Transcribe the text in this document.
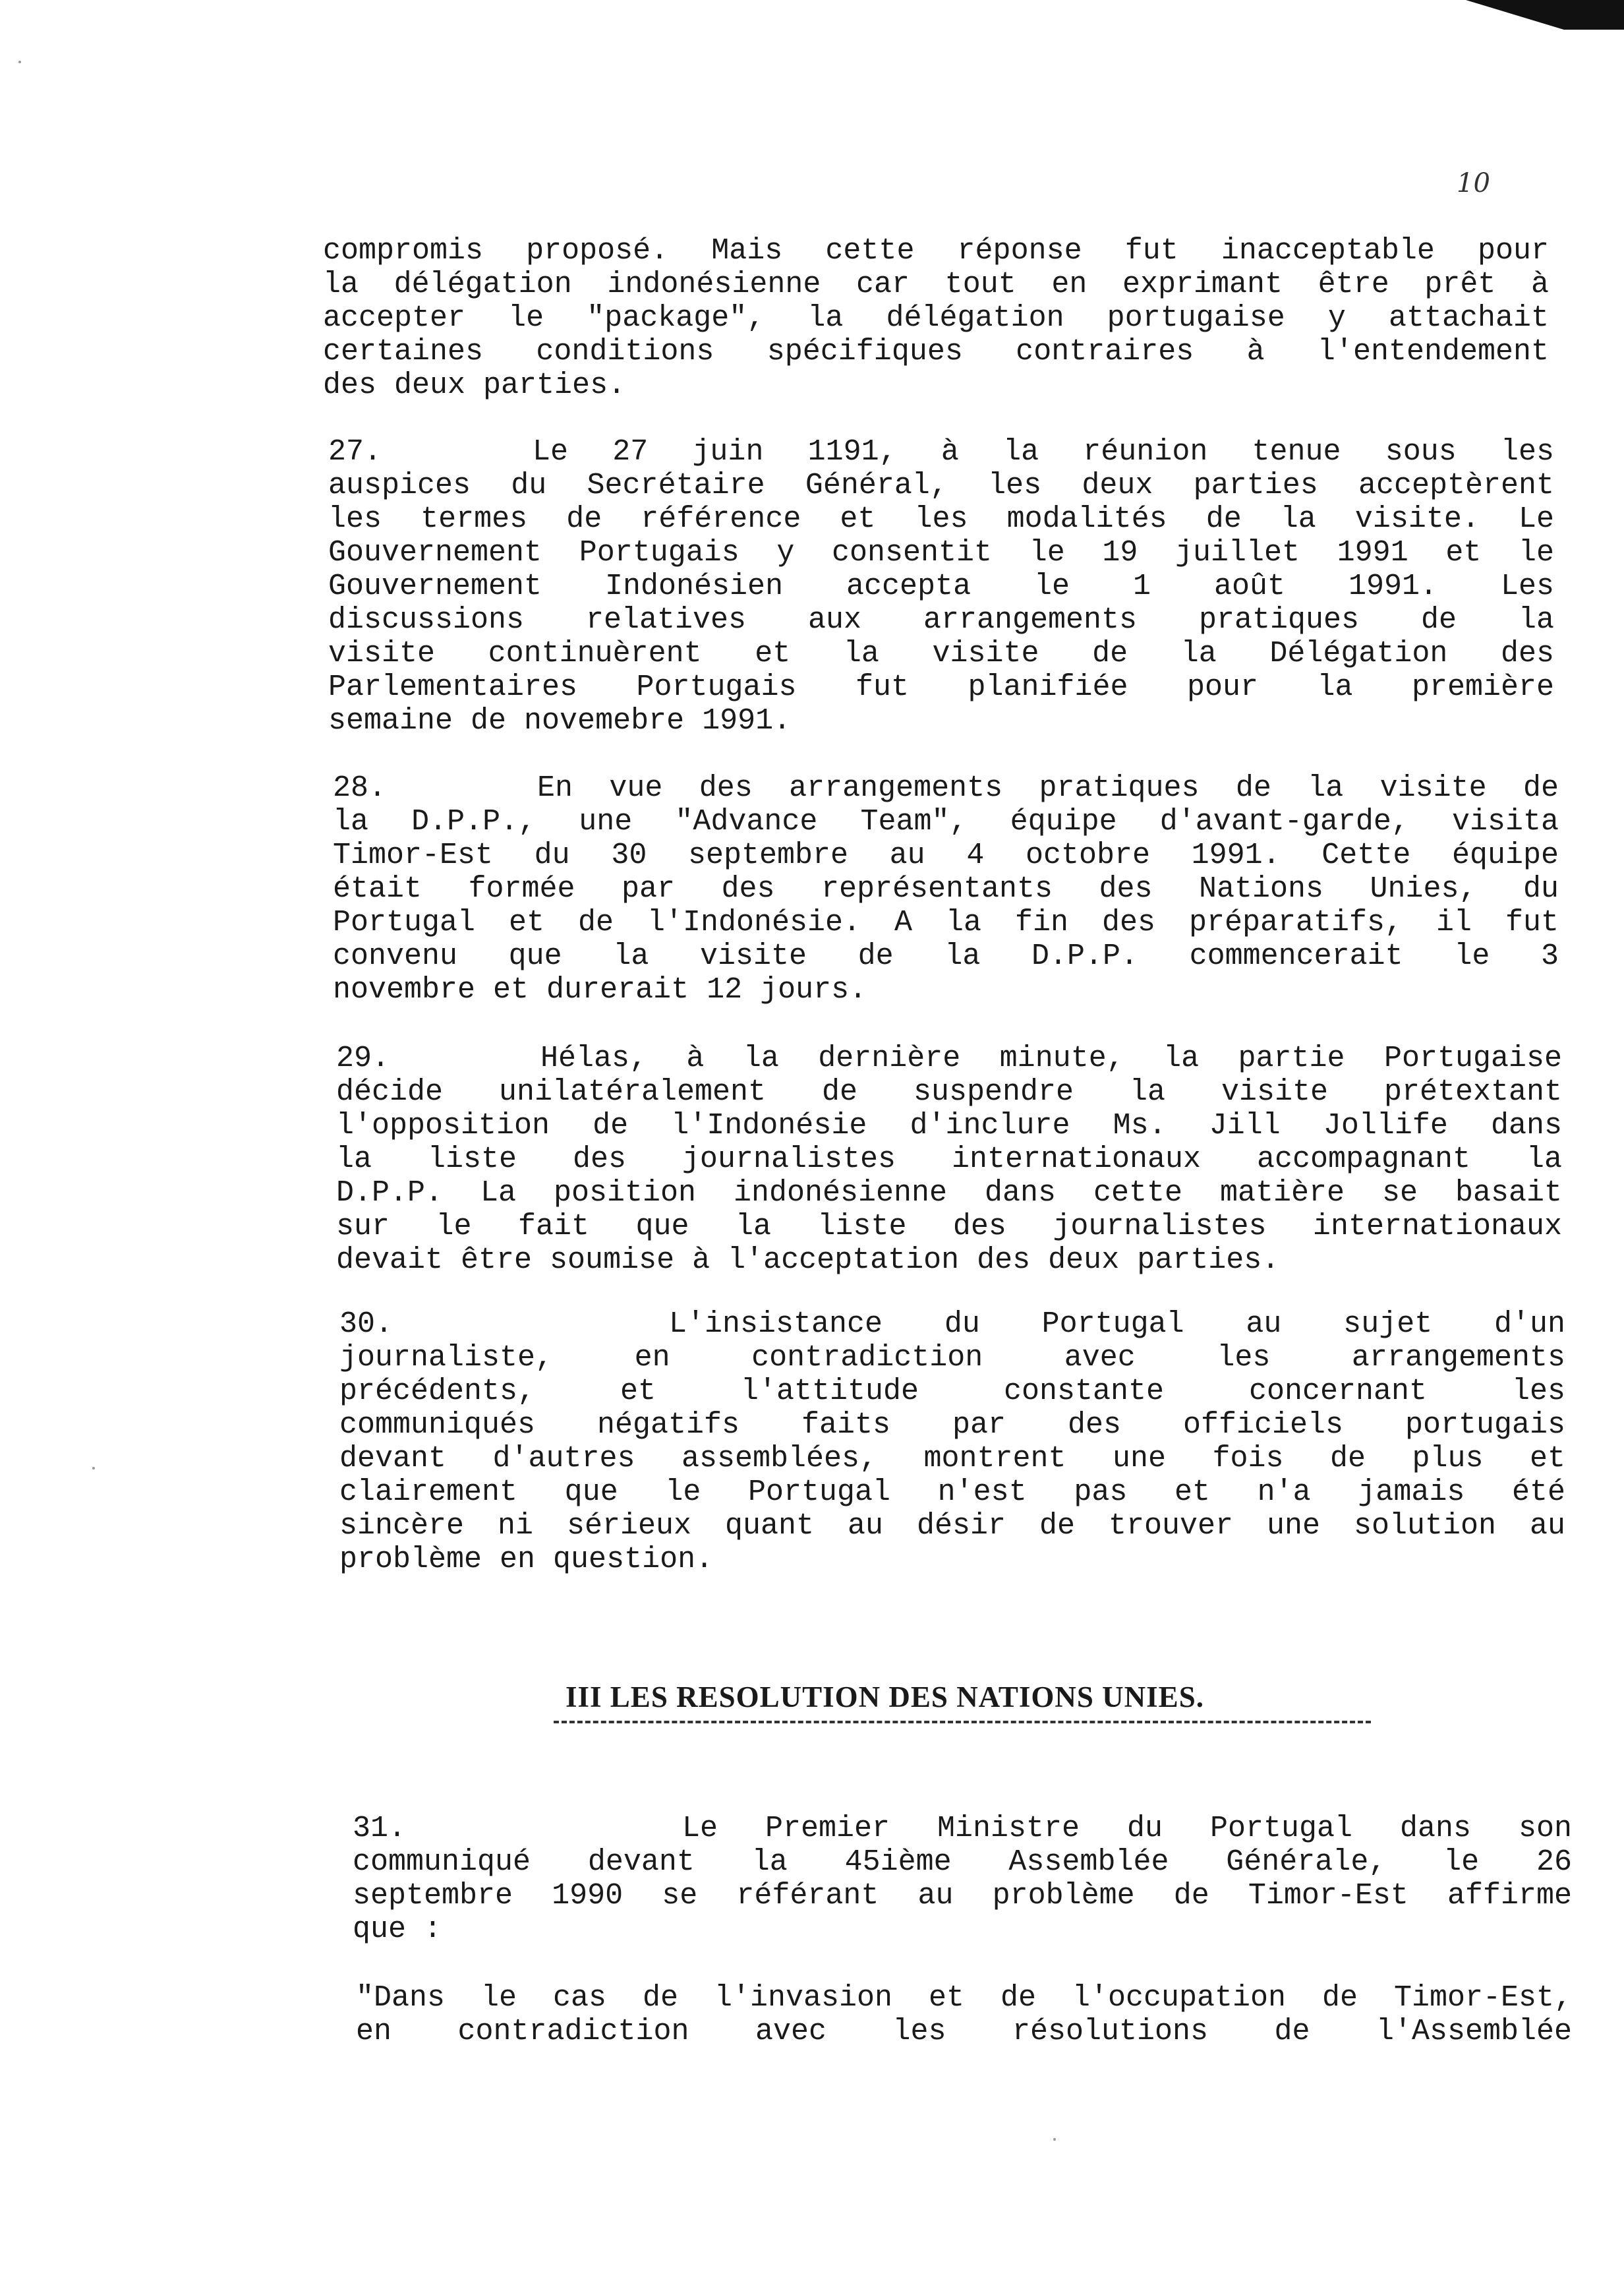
10
compromis proposé. Mais cette réponse fut inacceptable pour
la délégation indonésienne car tout en exprimant être prêt à
accepter le "package", la délégation portugaise y attachait
certaines conditions spécifiques contraires à l'entendement
des deux parties.
27.	Le 27 juin 1191, à la réunion tenue sous les
auspices du Secrétaire Général, les deux parties acceptèrent
les termes de référence et les modalités de la visite. Le
Gouvernement Portugais y consentit le 19 juillet 1991 et le
Gouvernement Indonésien accepta le 1 août 1991. Les
discussions relatives aux arrangements pratiques de la
visite continuèrent et la visite de la Délégation des
Parlementaires Portugais fut planifiée pour la première
semaine de novemebre 1991.
28.	En vue des arrangements pratiques de la visite de
la D.P.P., une "Advance Team", équipe d'avant-garde, visita
Timor-Est du 30 septembre au 4 octobre 1991. Cette équipe
était formée par des représentants des Nations Unies, du
Portugal et de l'Indonésie. A la fin des préparatifs, il fut
convenu que la visite de la D.P.P. commencerait le 3
novembre et durerait 12 jours.
29.	Hélas, à la dernière minute, la partie Portugaise
décide unilatéralement de suspendre la visite prétextant
l'opposition de l'Indonésie d'inclure Ms. Jill Jollife dans
la liste des journalistes internationaux accompagnant la
D.P.P. La position indonésienne dans cette matière se basait
sur le fait que la liste des journalistes internationaux
devait être soumise à l'acceptation des deux parties.
30.	L'insistance du Portugal au sujet d'un
journaliste, en contradiction avec les arrangements
précédents, et l'attitude constante concernant les
communiqués négatifs faits par des officiels portugais
devant d'autres assemblées, montrent une fois de plus et
clairement que le Portugal n'est pas et n'a jamais été
sincère ni sérieux quant au désir de trouver une solution au
problème en question.
III LES RESOLUTION DES NATIONS UNIES.
31.	Le Premier Ministre du Portugal dans son
communiqué devant la 45ième Assemblée Générale, le 26
septembre 1990 se référant au problème de Timor-Est affirme
que :
"Dans le cas de l'invasion et de l'occupation de Timor-Est,
en contradiction avec les résolutions de l'Assemblée
